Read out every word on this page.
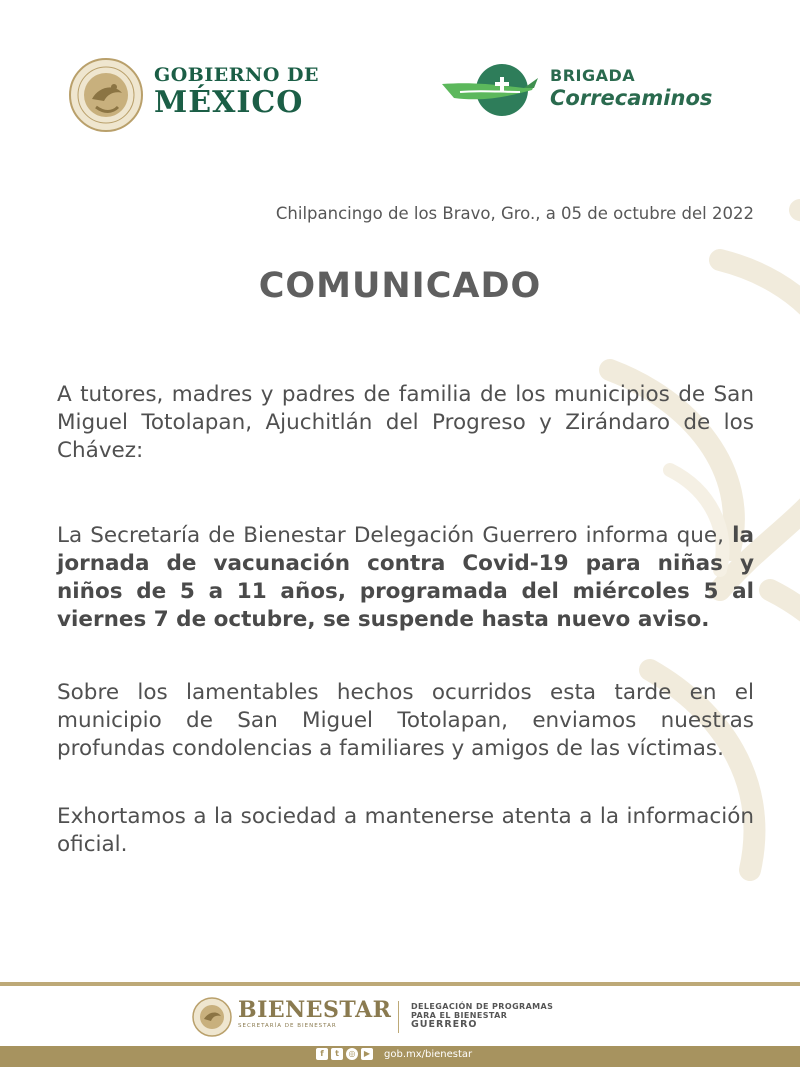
GOBIERNO DE
MÉXICO
BRIGADA
Correcaminos
Chilpancingo de los Bravo, Gro., a 05 de octubre del 2022
COMUNICADO

A tutores, madres y padres de familia de los municipios de San Miguel Totolapan, Ajuchitlán del Progreso y Zirándaro de los Chávez:

La Secretaría de Bienestar Delegación Guerrero informa que, la jornada de vacunación contra Covid-19 para niñas y niños de 5 a 11 años, programada del miércoles 5 al viernes 7 de octubre, se suspende hasta nuevo aviso.

Sobre los lamentables hechos ocurridos esta tarde en el municipio de San Miguel Totolapan, enviamos nuestras profundas condolencias a familiares y amigos de las víctimas.

Exhortamos a la sociedad a mantenerse atenta a la información oficial.

BIENESTAR
SECRETARÍA DE BIENESTAR
DELEGACIÓN DE PROGRAMAS
PARA EL BIENESTAR
GUERRERO
f	t	◎	▶ gob.mx/bienestar
